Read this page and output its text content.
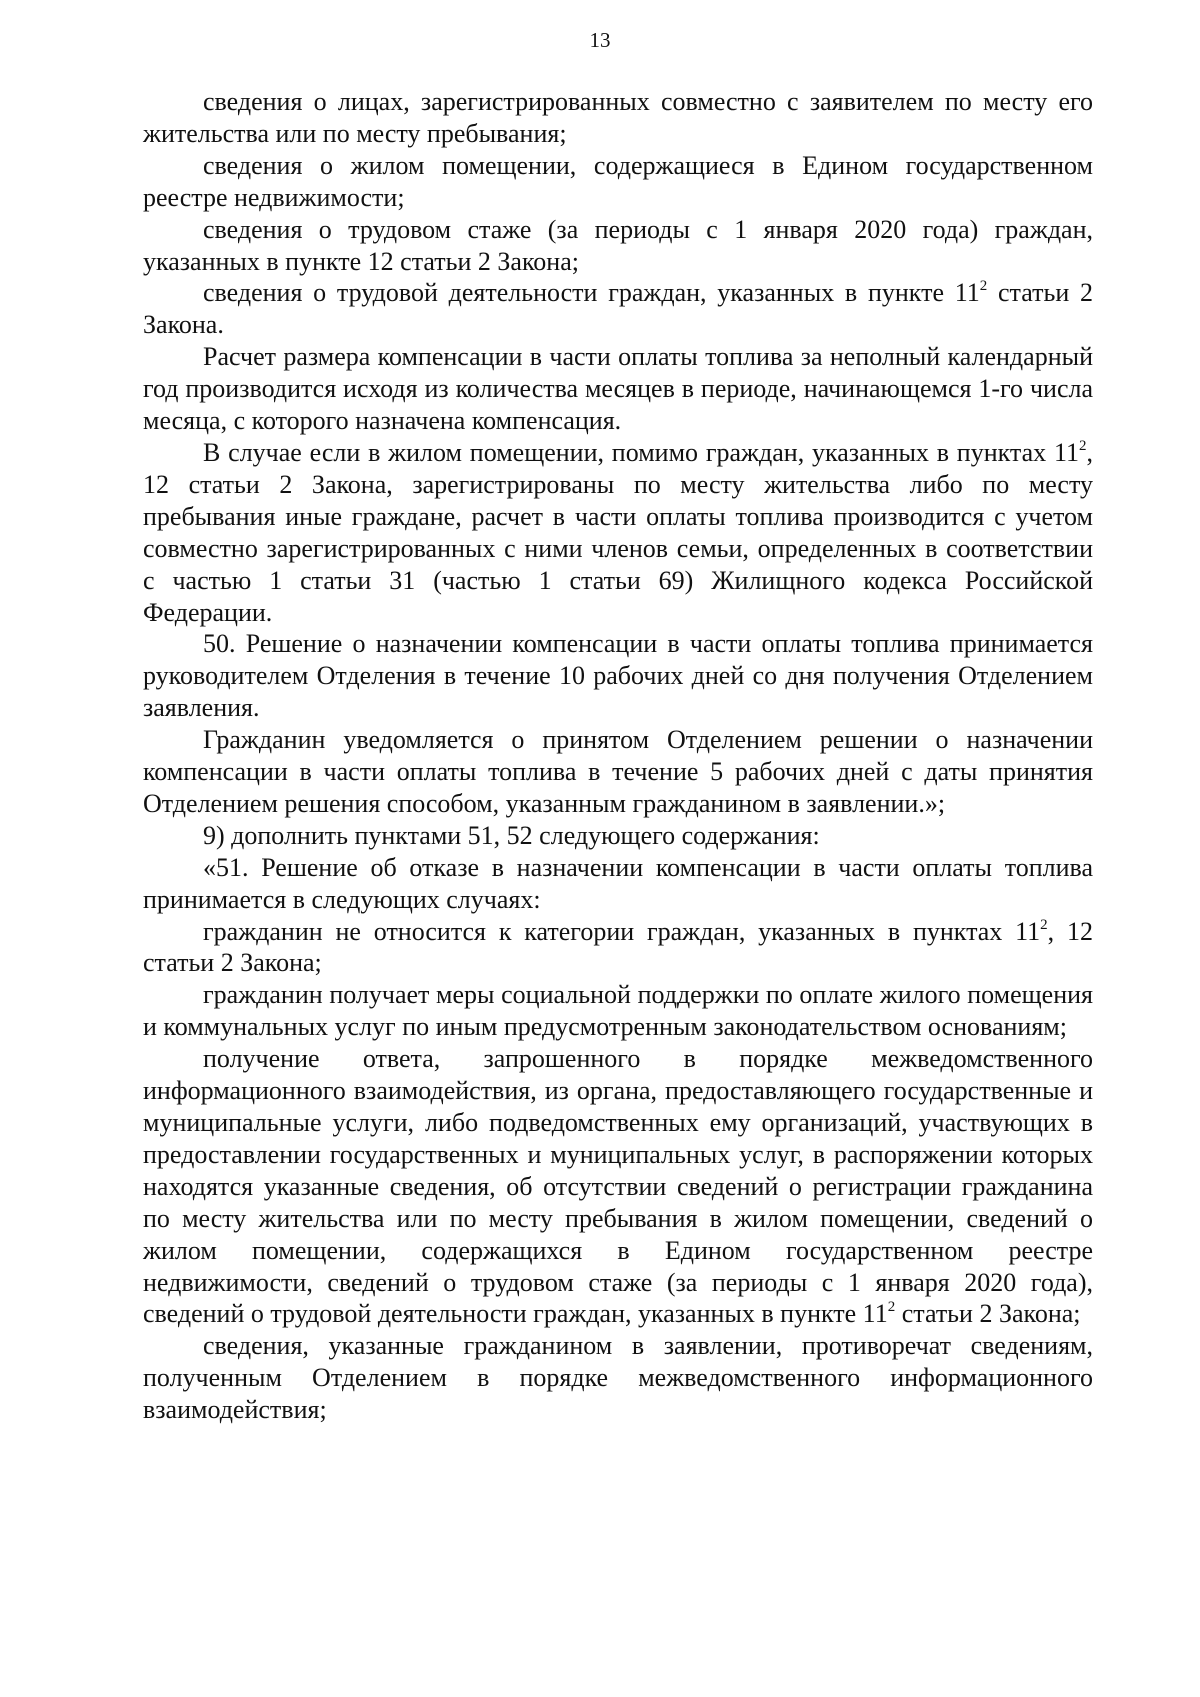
13

сведения о лицах, зарегистрированных совместно с заявителем по месту его жительства или по месту пребывания;

сведения о жилом помещении, содержащиеся в Едином государственном реестре недвижимости;

сведения о трудовом стаже (за периоды с 1 января 2020 года) граждан, указанных в пункте 12 статьи 2 Закона;

сведения о трудовой деятельности граждан, указанных в пункте $11^2$ статьи 2 Закона.

Расчет размера компенсации в части оплаты топлива за неполный календарный год производится исходя из количества месяцев в периоде, начинающемся 1-го числа месяца, с которого назначена компенсация.

В случае если в жилом помещении, помимо граждан, указанных в пунктах $11^2$, 12 статьи 2 Закона, зарегистрированы по месту жительства либо по месту пребывания иные граждане, расчет в части оплаты топлива производится с учетом совместно зарегистрированных с ними членов семьи, определенных в соответствии с частью 1 статьи 31 (частью 1 статьи 69) Жилищного кодекса Российской Федерации.

50. Решение о назначении компенсации в части оплаты топлива принимается руководителем Отделения в течение 10 рабочих дней со дня получения Отделением заявления.

Гражданин уведомляется о принятом Отделением решении о назначении компенсации в части оплаты топлива в течение 5 рабочих дней с даты принятия Отделением решения способом, указанным гражданином в заявлении.»;

9) дополнить пунктами 51, 52 следующего содержания:

«51. Решение об отказе в назначении компенсации в части оплаты топлива принимается в следующих случаях:

гражданин не относится к категории граждан, указанных в пунктах $11^2$, 12 статьи 2 Закона;

гражданин получает меры социальной поддержки по оплате жилого помещения и коммунальных услуг по иным предусмотренным законодательством основаниям;

получение ответа, запрошенного в порядке межведомственного информационного взаимодействия, из органа, предоставляющего государственные и муниципальные услуги, либо подведомственных ему организаций, участвующих в предоставлении государственных и муниципальных услуг, в распоряжении которых находятся указанные сведения, об отсутствии сведений о регистрации гражданина по месту жительства или по месту пребывания в жилом помещении, сведений о жилом помещении, содержащихся в Едином государственном реестре недвижимости, сведений о трудовом стаже (за периоды с 1 января 2020 года), сведений о трудовой деятельности граждан, указанных в пункте $11^2$ статьи 2 Закона;

сведения, указанные гражданином в заявлении, противоречат сведениям, полученным Отделением в порядке межведомственного информационного взаимодействия;
